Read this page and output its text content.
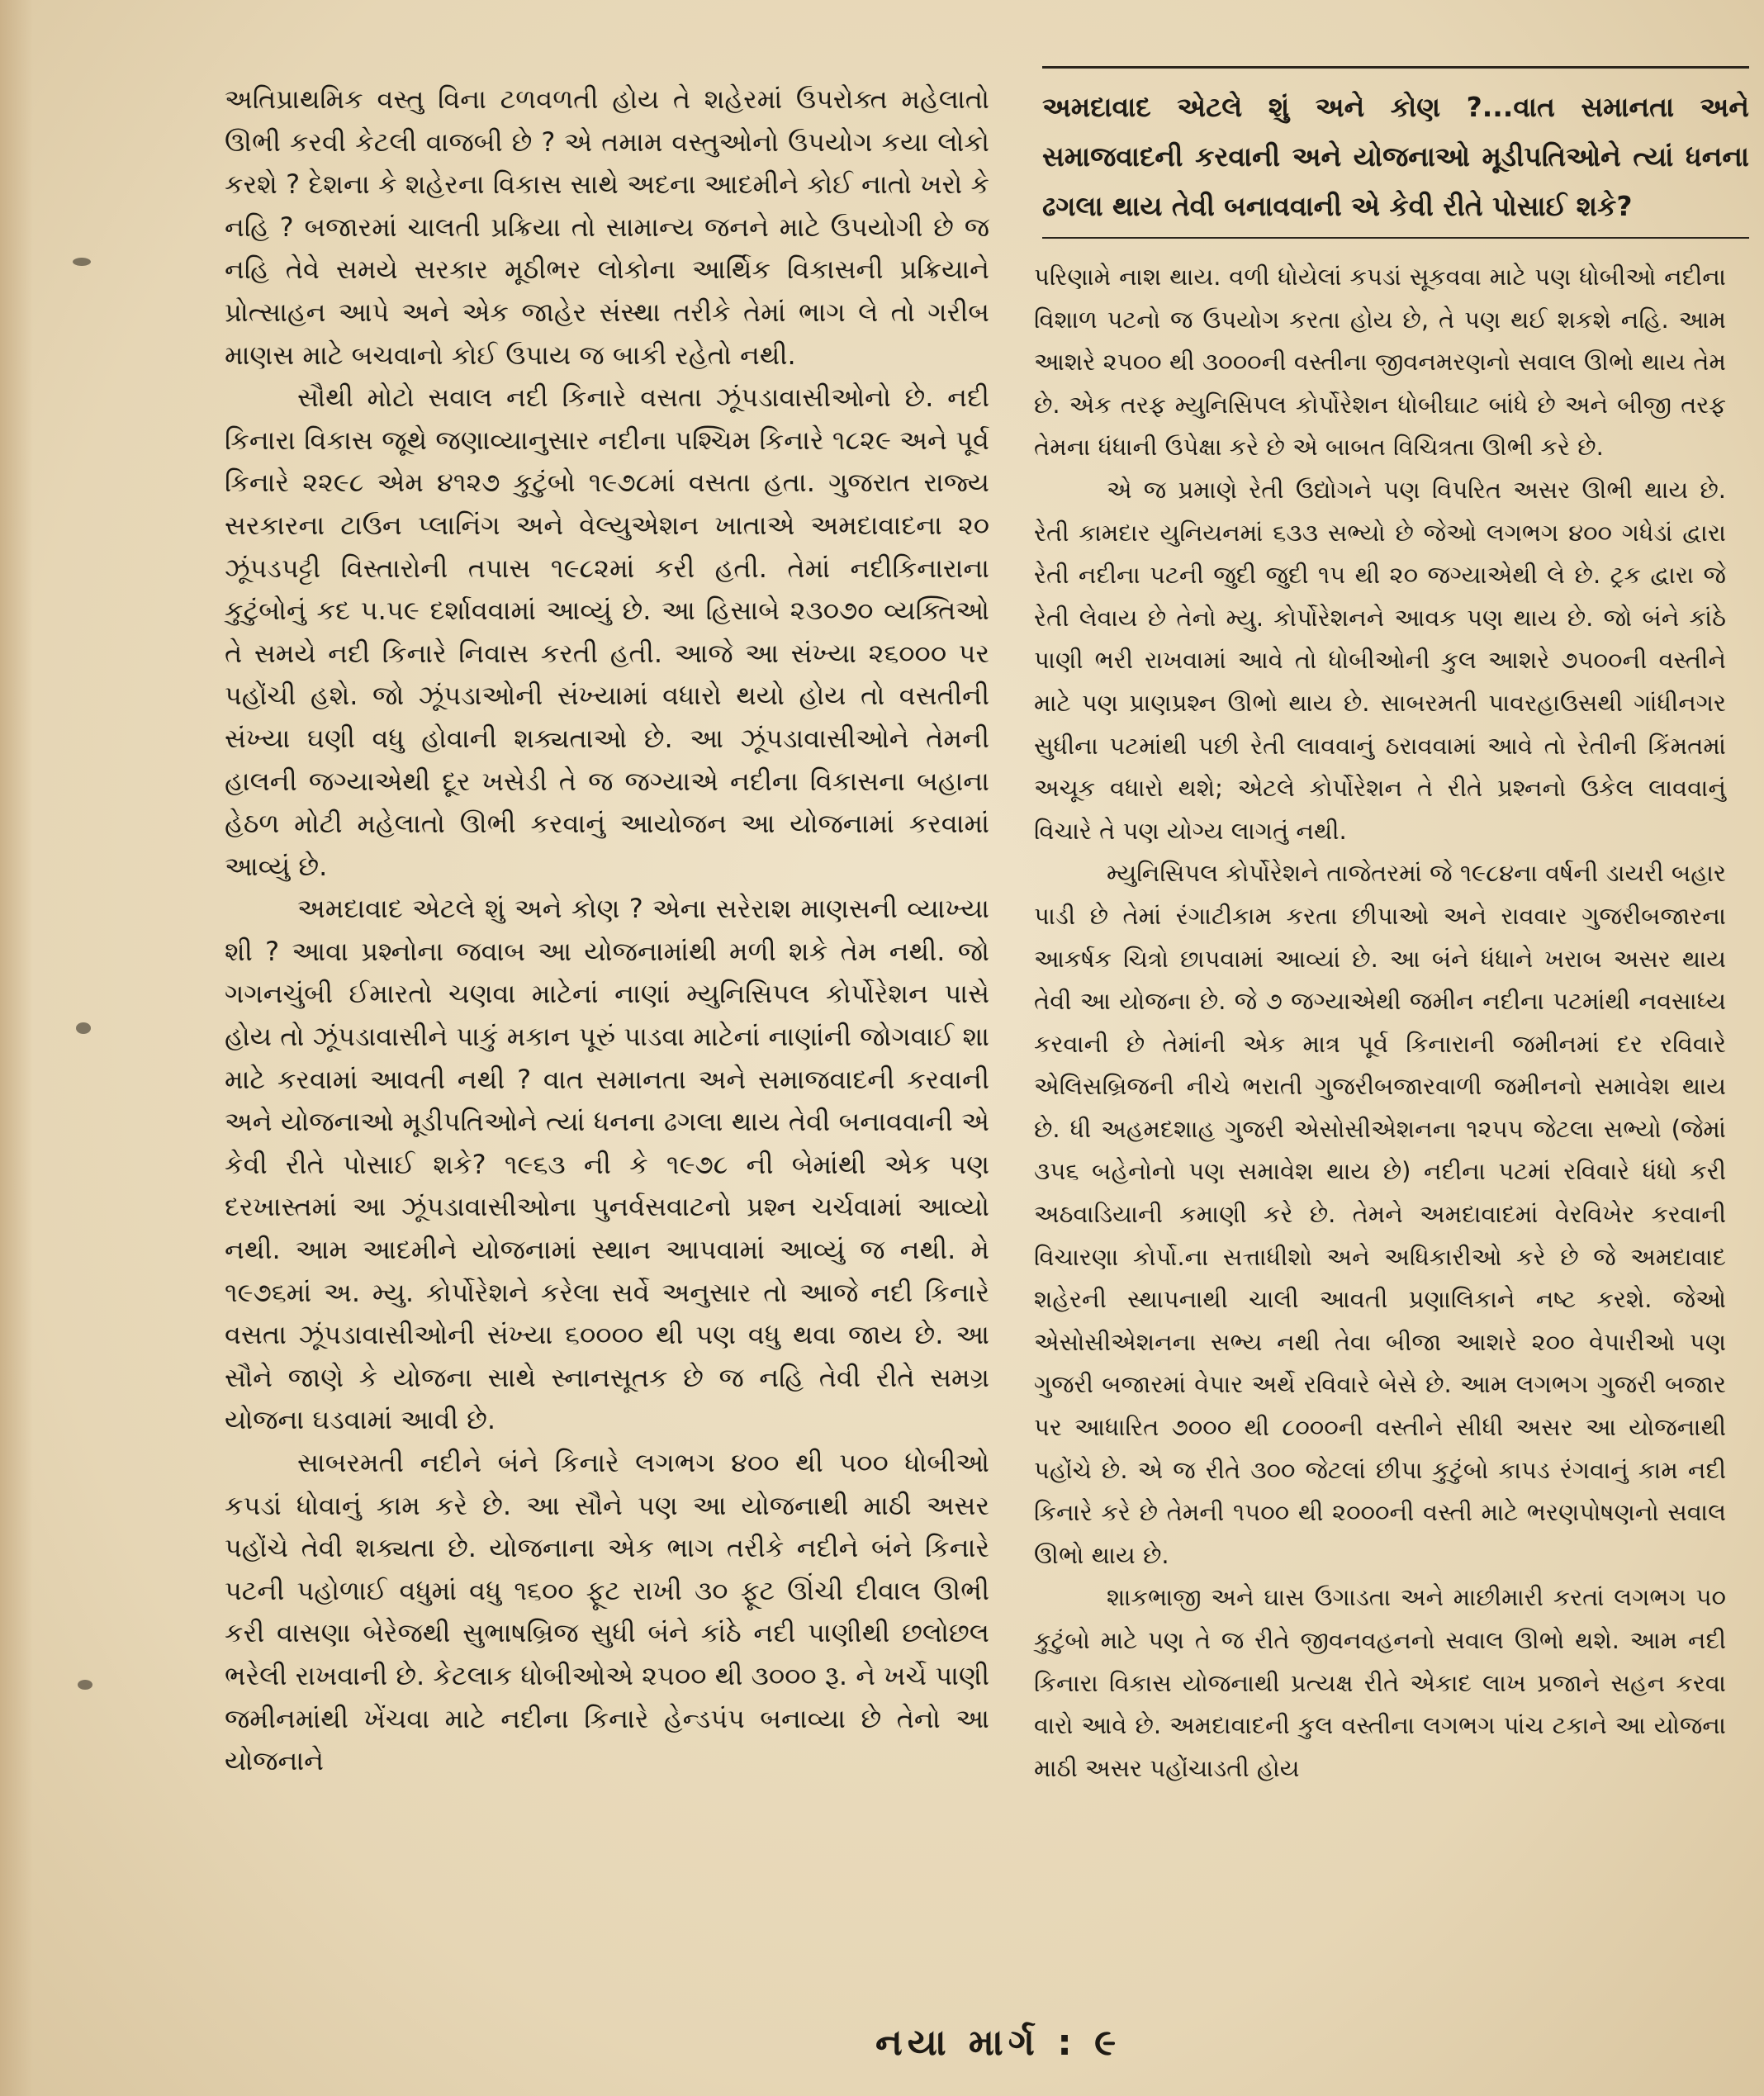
અતિપ્રાથમિક વસ્તુ વિના ટળવળતી હોય તે શહેરમાં ઉપરોક્ત મહેલાતો ઊભી કરવી કેટલી વાજબી છે ? એ તમામ વસ્તુઓનો ઉપયોગ કયા લોકો કરશે ? દેશના કે શહેરના વિકાસ સાથે અદના આદમીને કોઈ નાતો ખરો કે નહિ ? બજારમાં ચાલતી પ્રક્રિયા તો સામાન્ય જનને માટે ઉપયોગી છે જ નહિ તેવે સમયે સરકાર મૂઠીભર લોકોના આર્થિક વિકાસની પ્રક્રિયાને પ્રોત્સાહન આપે અને એક જાહેર સંસ્થા તરીકે તેમાં ભાગ લે તો ગરીબ માણસ માટે બચવાનો કોઈ ઉપાય જ બાકી રહેતો નથી.

સૌથી મોટો સવાલ નદી કિનારે વસતા ઝૂંપડાવાસીઓનો છે. નદી કિનારા વિકાસ જૂથે જણાવ્યાનુસાર નદીના પશ્ચિમ કિનારે ૧૮૨૯ અને પૂર્વ કિનારે ૨૨૯૮ એમ ૪૧૨૭ કુટુંબો ૧૯૭૮માં વસતા હતા. ગુજરાત રાજ્ય સરકારના ટાઉન પ્લાનિંગ અને વેલ્યુએશન ખાતાએ અમદાવાદના ૨૦ ઝૂંપડપટ્ટી વિસ્તારોની તપાસ ૧૯૮૨માં કરી હતી. તેમાં નદીકિનારાના કુટુંબોનું કદ ૫.૫૯ દર્શાવવામાં આવ્યું છે. આ હિસાબે ૨૩૦૭૦ વ્યક્તિઓ તે સમયે નદી કિનારે નિવાસ કરતી હતી. આજે આ સંખ્યા ૨૬૦૦૦ પર પહોંચી હશે. જો ઝૂંપડાઓની સંખ્યામાં વધારો થયો હોય તો વસતીની સંખ્યા ઘણી વધુ હોવાની શક્યતાઓ છે. આ ઝૂંપડાવાસીઓને તેમની હાલની જગ્યાએથી દૂર ખસેડી તે જ જગ્યાએ નદીના વિકાસના બહાના હેઠળ મોટી મહેલાતો ઊભી કરવાનું આયોજન આ યોજનામાં કરવામાં આવ્યું છે.

અમદાવાદ એટલે શું અને કોણ ? એના સરેરાશ માણસની વ્યાખ્યા શી ? આવા પ્રશ્નોના જવાબ આ યોજનામાંથી મળી શકે તેમ નથી. જો ગગનચુંબી ઈમારતો ચણવા માટેનાં નાણાં મ્યુનિસિપલ કોર્પોરેશન પાસે હોય તો ઝૂંપડાવાસીને પાકું મકાન પૂરું પાડવા માટેનાં નાણાંની જોગવાઈ શા માટે કરવામાં આવતી નથી ? વાત સમાનતા અને સમાજવાદની કરવાની અને યોજનાઓ મૂડીપતિઓને ત્યાં ધનના ઢગલા થાય તેવી બનાવવાની એ કેવી રીતે પોસાઈ શકે? ૧૯૬૩ ની કે ૧૯૭૮ ની બેમાંથી એક પણ દરખાસ્તમાં આ ઝૂંપડાવાસીઓના પુનર્વસવાટનો પ્રશ્ન ચર્ચવામાં આવ્યો નથી. આમ આદમીને યોજનામાં સ્થાન આપવામાં આવ્યું જ નથી. મે ૧૯૭૬માં અ. મ્યુ. કોર્પોરેશને કરેલા સર્વે અનુસાર તો આજે નદી કિનારે વસતા ઝૂંપડાવાસીઓની સંખ્યા ૬૦૦૦૦ થી પણ વધુ થવા જાય છે. આ સૌને જાણે કે યોજના સાથે સ્નાનસૂતક છે જ નહિ તેવી રીતે સમગ્ર યોજના ઘડવામાં આવી છે.

સાબરમતી નદીને બંને કિનારે લગભગ ૪૦૦ થી ૫૦૦ ધોબીઓ કપડાં ધોવાનું કામ કરે છે. આ સૌને પણ આ યોજનાથી માઠી અસર પહોંચે તેવી શક્યતા છે. યોજનાના એક ભાગ તરીકે નદીને બંને કિનારે પટની પહોળાઈ વધુમાં વધુ ૧૬૦૦ ફૂટ રાખી ૩૦ ફૂટ ઊંચી દીવાલ ઊભી કરી વાસણા બેરેજથી સુભાષબ્રિજ સુધી બંને કાંઠે નદી પાણીથી છલોછલ ભરેલી રાખવાની છે. કેટલાક ધોબીઓએ ૨૫૦૦ થી ૩૦૦૦ રૂ. ને ખર્ચે પાણી જમીનમાંથી ખેંચવા માટે નદીના કિનારે હેન્ડપંપ બનાવ્યા છે તેનો આ યોજનાને

અમદાવાદ એટલે શું અને કોણ ?...વાત સમાનતા અને સમાજવાદની કરવાની અને યોજનાઓ મૂડીપતિઓને ત્યાં ધનના ઢગલા થાય તેવી બનાવવાની એ કેવી રીતે પોસાઈ શકે?

પરિણામે નાશ થાય. વળી ધોયેલાં કપડાં સૂકવવા માટે પણ ધોબીઓ નદીના વિશાળ પટનો જ ઉપયોગ કરતા હોય છે, તે પણ થઈ શકશે નહિ. આમ આશરે ૨૫૦૦ થી ૩૦૦૦ની વસ્તીના જીવનમરણનો સવાલ ઊભો થાય તેમ છે. એક તરફ મ્યુનિસિપલ કોર્પોરેશન ધોબીઘાટ બાંધે છે અને બીજી તરફ તેમના ધંધાની ઉપેક્ષા કરે છે એ બાબત વિચિત્રતા ઊભી કરે છે.

એ જ પ્રમાણે રેતી ઉદ્યોગને પણ વિપરિત અસર ઊભી થાય છે. રેતી કામદાર યુનિયનમાં ૬૩૩ સભ્યો છે જેઓ લગભગ ૪૦૦ ગધેડાં દ્વારા રેતી નદીના પટની જુદી જુદી ૧૫ થી ૨૦ જગ્યાએથી લે છે. ટ્રક દ્વારા જે રેતી લેવાય છે તેનો મ્યુ. કોર્પોરેશનને આવક પણ થાય છે. જો બંને કાંઠે પાણી ભરી રાખવામાં આવે તો ધોબીઓની કુલ આશરે ૭૫૦૦ની વસ્તીને માટે પણ પ્રાણપ્રશ્ન ઊભો થાય છે. સાબરમતી પાવરહાઉસથી ગાંધીનગર સુધીના પટમાંથી પછી રેતી લાવવાનું ઠરાવવામાં આવે તો રેતીની કિંમતમાં અચૂક વધારો થશે; એટલે કોર્પોરેશન તે રીતે પ્રશ્નનો ઉકેલ લાવવાનું વિચારે તે પણ યોગ્ય લાગતું નથી.

મ્યુનિસિપલ કોર્પોરેશને તાજેતરમાં જે ૧૯૮૪ના વર્ષની ડાયરી બહાર પાડી છે તેમાં રંગાટીકામ કરતા છીપાઓ અને રાવવાર ગુજરીબજારના આકર્ષક ચિત્રો છાપવામાં આવ્યાં છે. આ બંને ધંધાને ખરાબ અસર થાય તેવી આ યોજના છે. જે ૭ જગ્યાએથી જમીન નદીના પટમાંથી નવસાધ્ય કરવાની છે તેમાંની એક માત્ર પૂર્વ કિનારાની જમીનમાં દર રવિવારે એલિસબ્રિજની નીચે ભરાતી ગુજરીબજારવાળી જમીનનો સમાવેશ થાય છે. ધી અહમદશાહ ગુજરી એસોસીએશનના ૧૨૫૫ જેટલા સભ્યો (જેમાં ૩૫૬ બહેનોનો પણ સમાવેશ થાય છે) નદીના પટમાં રવિવારે ધંધો કરી અઠવાડિયાની કમાણી કરે છે. તેમને અમદાવાદમાં વેરવિખેર કરવાની વિચારણા કોર્પો.ના સત્તાધીશો અને અધિકારીઓ કરે છે જે અમદાવાદ શહેરની સ્થાપનાથી ચાલી આવતી પ્રણાલિકાને નષ્ટ કરશે. જેઓ એસોસીએશનના સભ્ય નથી તેવા બીજા આશરે ૨૦૦ વેપારીઓ પણ ગુજરી બજારમાં વેપાર અર્થે રવિવારે બેસે છે. આમ લગભગ ગુજરી બજાર પર આધારિત ૭૦૦૦ થી ૮૦૦૦ની વસ્તીને સીધી અસર આ યોજનાથી પહોંચે છે. એ જ રીતે ૩૦૦ જેટલાં છીપા કુટુંબો કાપડ રંગવાનું કામ નદી કિનારે કરે છે તેમની ૧૫૦૦ થી ૨૦૦૦ની વસ્તી માટે ભરણપોષણનો સવાલ ઊભો થાય છે.

શાકભાજી અને ઘાસ ઉગાડતા અને માછીમારી કરતાં લગભગ ૫૦ કુટુંબો માટે પણ તે જ રીતે જીવનવહનનો સવાલ ઊભો થશે. આમ નદી કિનારા વિકાસ યોજનાથી પ્રત્યક્ષ રીતે એકાદ લાખ પ્રજાને સહન કરવા વારો આવે છે. અમદાવાદની કુલ વસ્તીના લગભગ પાંચ ટકાને આ યોજના માઠી અસર પહોંચાડતી હોય

નયા માર્ગ : ૯
